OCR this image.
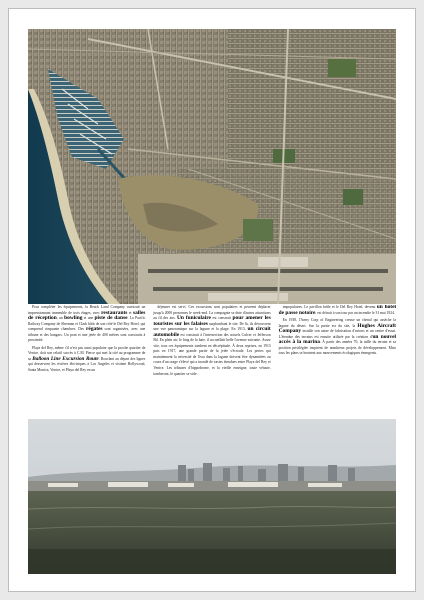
Pour compléter les équipements, la Beach Land Company construit un impressionnant immeuble de trois étages, avec restaurants et salles de réception, un bowling et une piste de danse. La Pacific Railway Company de Sherman et Clark bâtit de son côté le Del Rey Hotel, qui comprend cinquante chambres. Des régates sont organisées, avec une tribune et des hangars. Un pont et une jetée de 400 mètres sont construits à proximité.

Playa del Rey, même s'il n'est pas aussi populaire que la proche quartier de Venice, doit son relatif succès à C.M. Pierce qui met la cité au programme de sa Balloon Line Excursion Route. Bouclant au départ des lignes qui desservent les rivières électriques à Los Angeles et visitent Hollywood, Santa Monica, Venice, et Playa del Rey en un

déjeuner est servi. Ces excursions sont populaires et peuvent déplacer jusqu'à 2000 personnes le week-end. La compagnie se dote d'autres attractions au fil des ans. Un funiculaire est construit pour amener les touristes sur les falaises surplombant le site. De là, ils découvrent une vue panoramique sur la lagune et la plage. En 1913, un circuit automobile est construit à l'intersection des actuels Culver et Jefferson Bd. En plein air, le long de la baie, il accueillait belle l'avenue suivante. Assez vite, tous ces équipements tombent en décrépitude. À deux reprises, en 1913 puis en 1917, une grande partie de la jetée s'écroule. Les pertes qui maintiennent la nécessité de l'eau dans la lagune doivent être dynamitées au cours d'un orage s'élevé qui a inondé de vastes étendues entre Playa del Rey et Venice. Les tribunes d'hippodrome, et la vieille enseigne, toute vétuste, tomberont, le quartier se vide.

impopulaires. Le pavillon brûle et le Del Rey Hotel, devenu un hôtel de passe notoire, est détruit à son tour par un incendie le 31 mai 1924.

En 1938, l'Army Corp of Engineering creuse un chenal qui assèche la lagune du désert. Sur la partie est du site, la Hughes Aircraft Company installe son usine de fabrication d'avions et un centre d'essai. L'étendue des terrains est ensuite utilisée par la création d'un nouvel accès à la marina. À partir des années 70, la taille du terrain et sa position privilégiée inspirent de nombreux projets de développement. Mais tous les plans se heurtent aux mouvements écologiques émergents.
